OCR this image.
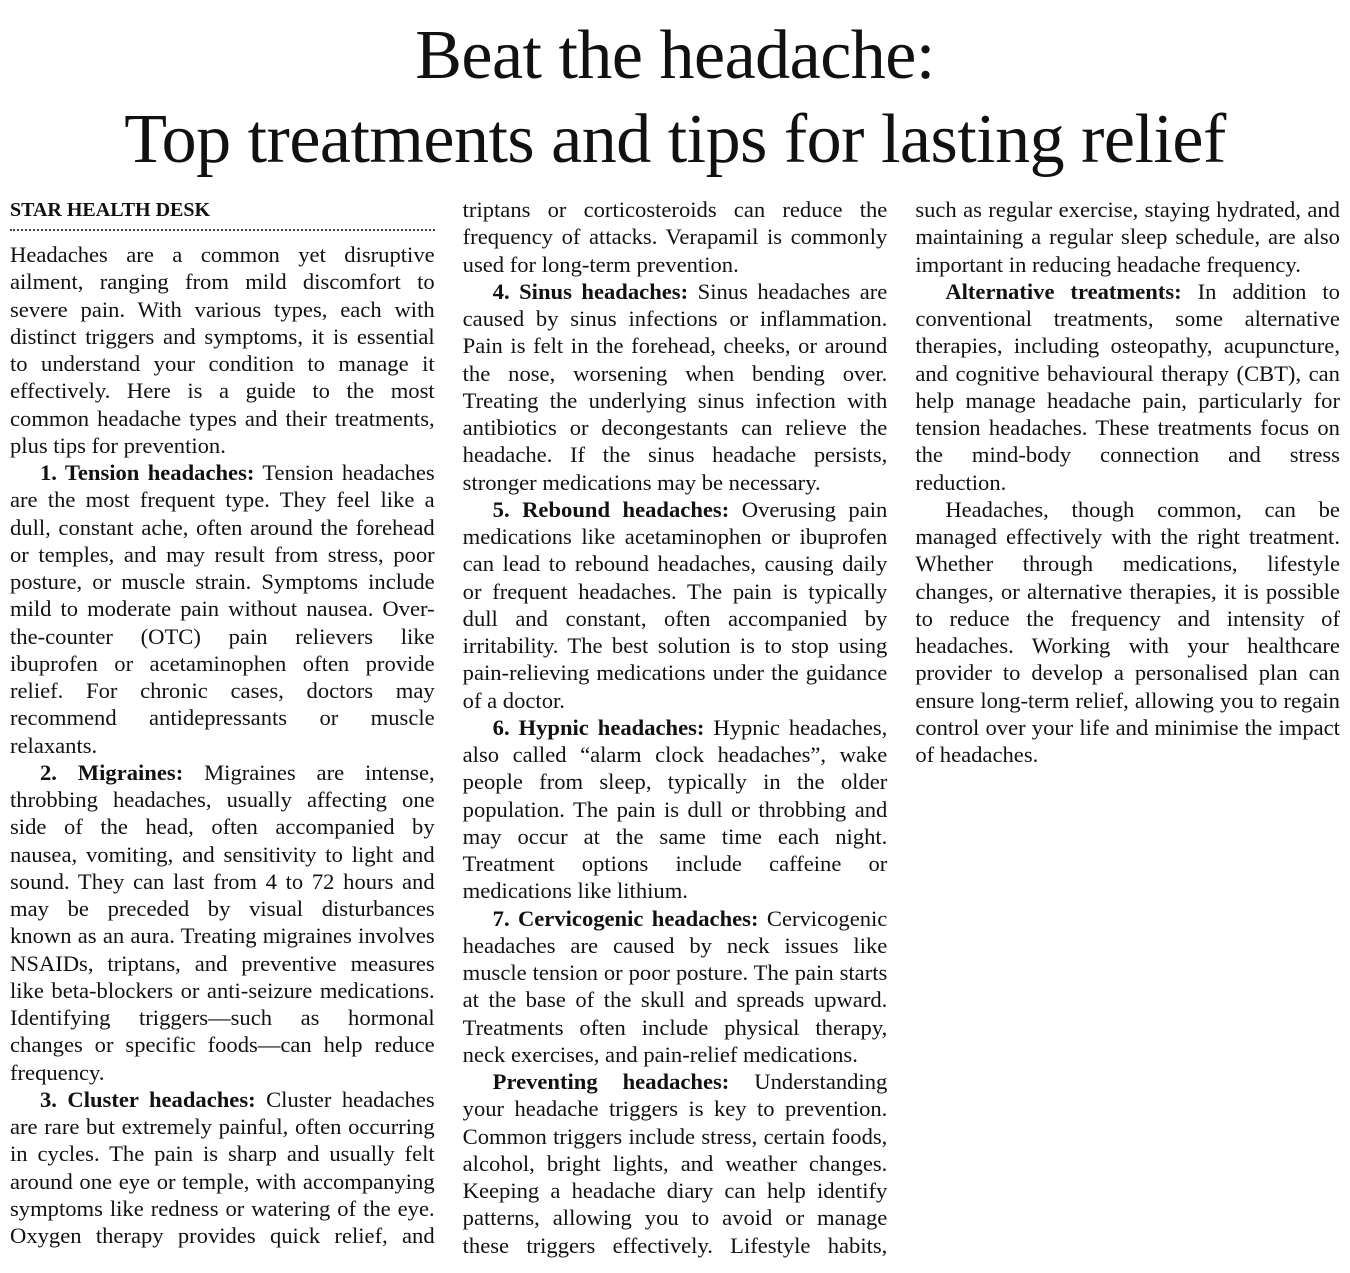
Beat the headache:
Top treatments and tips for lasting relief

STAR HEALTH DESK

Headaches are a common yet disruptive ailment, ranging from mild discomfort to severe pain. With various types, each with distinct triggers and symptoms, it is essential to understand your condition to manage it effectively. Here is a guide to the most common headache types and their treatments, plus tips for prevention.

1. Tension headaches: Tension headaches are the most frequent type. They feel like a dull, constant ache, often around the forehead or temples, and may result from stress, poor posture, or muscle strain. Symptoms include mild to moderate pain without nausea. Over-the-counter (OTC) pain relievers like ibuprofen or acetaminophen often provide relief. For chronic cases, doctors may recommend antidepressants or muscle relaxants.

2. Migraines: Migraines are intense, throbbing headaches, usually affecting one side of the head, often accompanied by nausea, vomiting, and sensitivity to light and sound. They can last from 4 to 72 hours and may be preceded by visual disturbances known as an aura. Treating migraines involves NSAIDs, triptans, and preventive measures like beta-blockers or anti-seizure medications. Identifying triggers—such as hormonal changes or specific foods—can help reduce frequency.

3. Cluster headaches: Cluster headaches are rare but extremely painful, often occurring in cycles. The pain is sharp and usually felt around one eye or temple, with accompanying symptoms like redness or watering of the eye. Oxygen therapy provides quick relief, and triptans or corticosteroids can reduce the frequency of attacks. Verapamil is commonly used for long-term prevention.

4. Sinus headaches: Sinus headaches are caused by sinus infections or inflammation. Pain is felt in the forehead, cheeks, or around the nose, worsening when bending over. Treating the underlying sinus infection with antibiotics or decongestants can relieve the headache. If the sinus headache persists, stronger medications may be necessary.

5. Rebound headaches: Overusing pain medications like acetaminophen or ibuprofen can lead to rebound headaches, causing daily or frequent headaches. The pain is typically dull and constant, often accompanied by irritability. The best solution is to stop using pain-relieving medications under the guidance of a doctor.

6. Hypnic headaches: Hypnic headaches, also called “alarm clock headaches”, wake people from sleep, typically in the older population. The pain is dull or throbbing and may occur at the same time each night. Treatment options include caffeine or medications like lithium.

7. Cervicogenic headaches: Cervicogenic headaches are caused by neck issues like muscle tension or poor posture. The pain starts at the base of the skull and spreads upward. Treatments often include physical therapy, neck exercises, and pain-relief medications.

Preventing headaches: Understanding your headache triggers is key to prevention. Common triggers include stress, certain foods, alcohol, bright lights, and weather changes. Keeping a headache diary can help identify patterns, allowing you to avoid or manage these triggers effectively. Lifestyle habits, such as regular exercise, staying hydrated, and maintaining a regular sleep schedule, are also important in reducing headache frequency.

Alternative treatments: In addition to conventional treatments, some alternative therapies, including osteopathy, acupuncture, and cognitive behavioural therapy (CBT), can help manage headache pain, particularly for tension headaches. These treatments focus on the mind-body connection and stress reduction.

Headaches, though common, can be managed effectively with the right treatment. Whether through medications, lifestyle changes, or alternative therapies, it is possible to reduce the frequency and intensity of headaches. Working with your healthcare provider to develop a personalised plan can ensure long-term relief, allowing you to regain control over your life and minimise the impact of headaches.
